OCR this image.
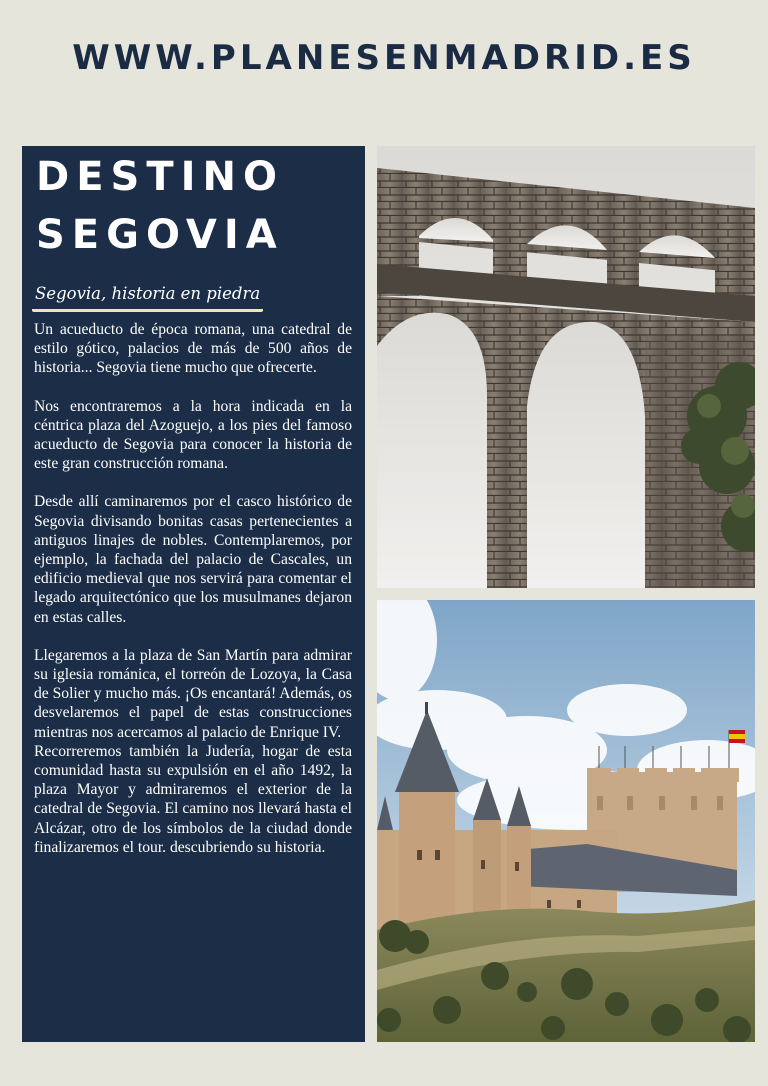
WWW.PLANESENMADRID.ES
DESTINO
SEGOVIA
Segovia, historia en piedra

Un acueducto de época romana, una catedral de estilo gótico, palacios de más de 500 años de historia... Segovia tiene mucho que ofrecerte.

Nos encontraremos a la hora indicada en la céntrica plaza del Azoguejo, a los pies del famoso acueducto de Segovia para conocer la historia de este gran construcción romana.

Desde allí caminaremos por el casco histórico de Segovia divisando bonitas casas pertenecientes a antiguos linajes de nobles. Contemplaremos, por ejemplo, la fachada del palacio de Cascales, un edificio medieval que nos servirá para comentar el legado arquitectónico que los musulmanes dejaron en estas calles.

Llegaremos a la plaza de San Martín para admirar su iglesia románica, el torreón de Lozoya, la Casa de Solier y mucho más. ¡Os encantará! Además, os desvelaremos el papel de estas construcciones mientras nos acercamos al palacio de Enrique IV.

Recorreremos también la Judería, hogar de esta comunidad hasta su expulsión en el año 1492, la plaza Mayor y admiraremos el exterior de la catedral de Segovia. El camino nos llevará hasta el Alcázar, otro de los símbolos de la ciudad donde finalizaremos el tour. descubriendo su historia.
